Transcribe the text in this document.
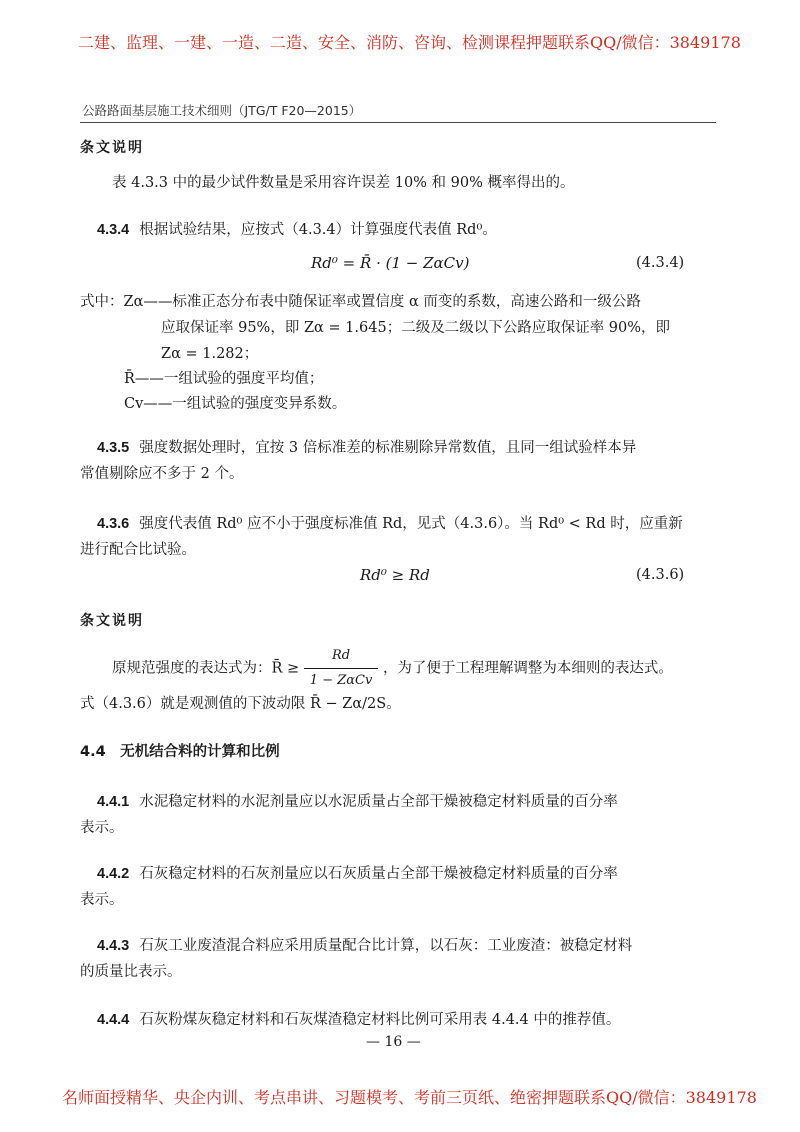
二建、监理、一建、一造、二造、安全、消防、咨询、检测课程押题联系QQ/微信：3849178
公路路面基层施工技术细则（JTG/T F20—2015）
条文说明
表 4.3.3 中的最少试件数量是采用容许误差 10% 和 90% 概率得出的。
4.3.4 根据试验结果，应按式（4.3.4）计算强度代表值 Rd⁰。
Rd⁰ = R̄ · (1 − ZαCv)	(4.3.4)
式中：Zα——标准正态分布表中随保证率或置信度 α 而变的系数，高速公路和一级公路
应取保证率 95%，即 Zα = 1.645；二级及二级以下公路应取保证率 90%，即
Zα = 1.282；
R̄——一组试验的强度平均值；
Cv——一组试验的强度变异系数。
4.3.5 强度数据处理时，宜按 3 倍标准差的标准剔除异常数值，且同一组试验样本异
常值剔除应不多于 2 个。
4.3.6 强度代表值 Rd⁰ 应不小于强度标准值 Rd，见式（4.3.6）。当 Rd⁰ < Rd 时，应重新
进行配合比试验。
Rd⁰ ≥ Rd	(4.3.6)
条文说明
原规范强度的表达式为：R̄ ≥ $\frac{Rd}{\text{1 − ZαCv}}$ ，为了便于工程理解调整为本细则的表达式。
式（4.3.6）就是观测值的下波动限 R̄ − Zα/2S。
4.4　无机结合料的计算和比例
4.4.1 水泥稳定材料的水泥剂量应以水泥质量占全部干燥被稳定材料质量的百分率
表示。
4.4.2 石灰稳定材料的石灰剂量应以石灰质量占全部干燥被稳定材料质量的百分率
表示。
4.4.3 石灰工业废渣混合料应采用质量配合比计算，以石灰：工业废渣：被稳定材料
的质量比表示。
4.4.4 石灰粉煤灰稳定材料和石灰煤渣稳定材料比例可采用表 4.4.4 中的推荐值。
— 16 —
名师面授精华、央企内训、考点串讲、习题模考、考前三页纸、绝密押题联系QQ/微信：3849178
